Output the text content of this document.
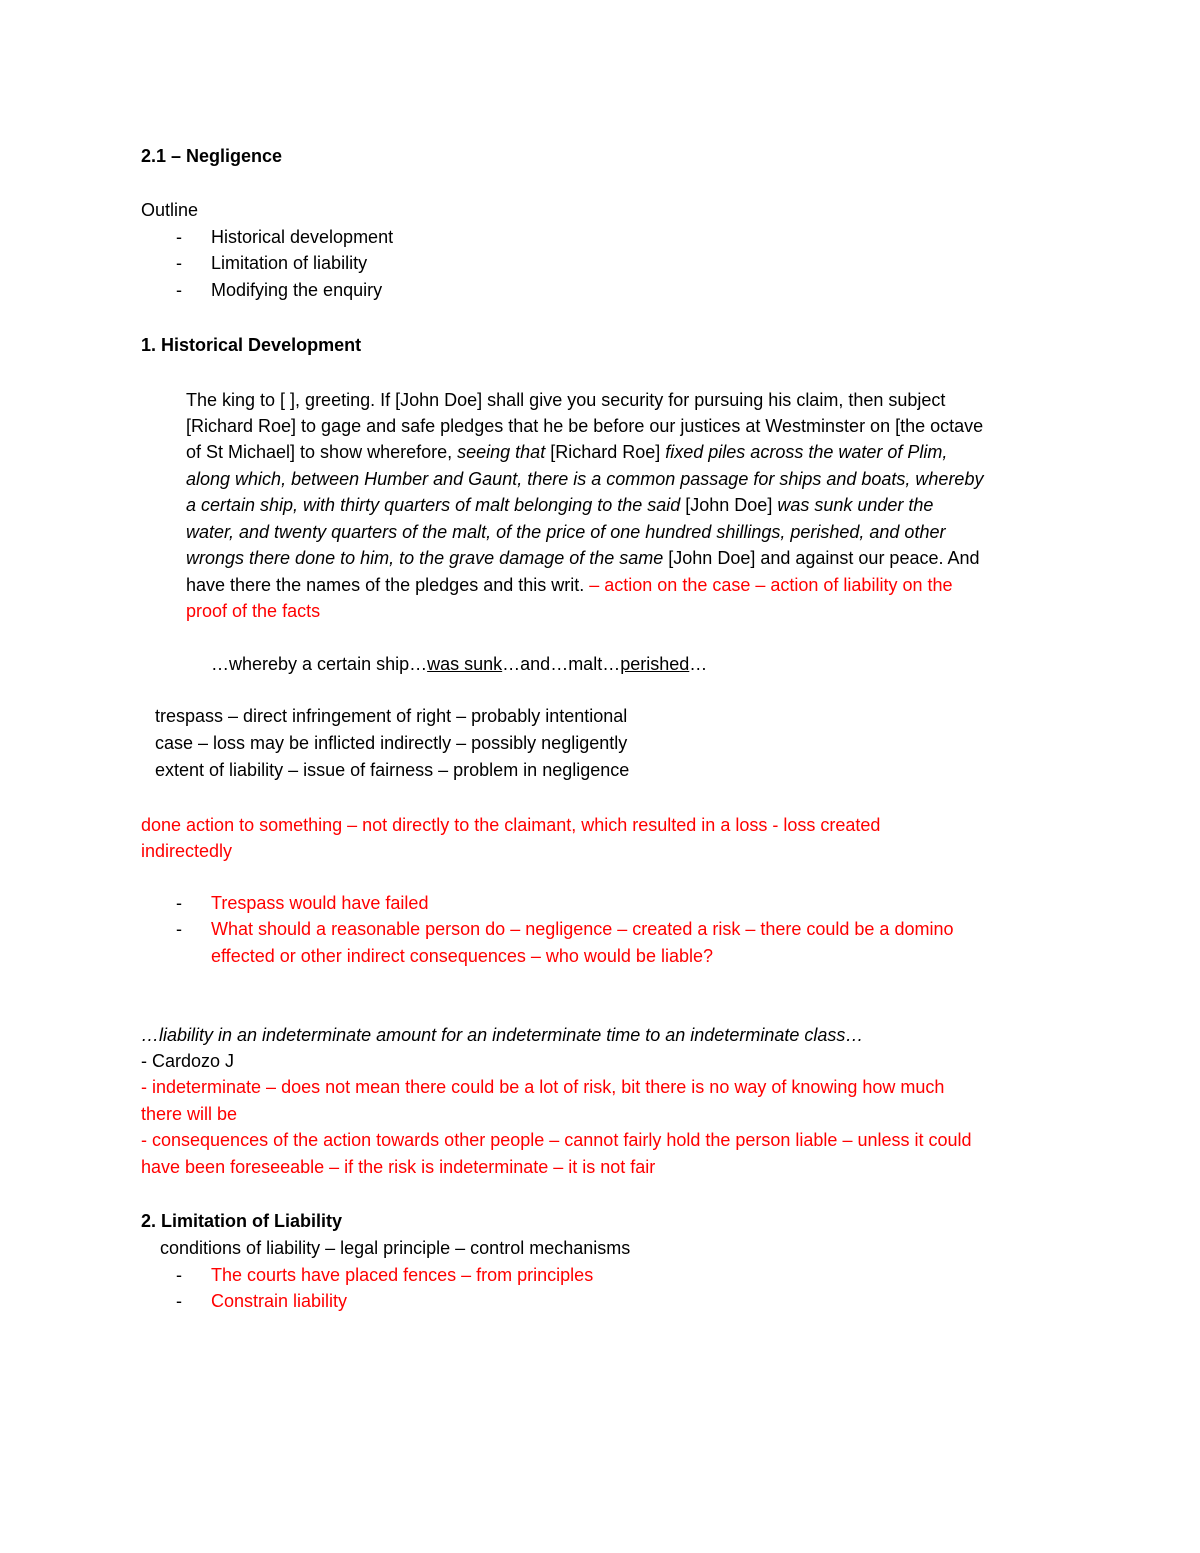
2.1 – Negligence
Outline
- Historical development
- Limitation of liability
- Modifying the enquiry
1. Historical Development
The king to [ ], greeting. If [John Doe] shall give you security for pursuing his claim, then subject
[Richard Roe] to gage and safe pledges that he be before our justices at Westminster on [the octave
of St Michael] to show wherefore, seeing that [Richard Roe] fixed piles across the water of Plim,
along which, between Humber and Gaunt, there is a common passage for ships and boats, whereby
a certain ship, with thirty quarters of malt belonging to the said [John Doe] was sunk under the
water, and twenty quarters of the malt, of the price of one hundred shillings, perished, and other
wrongs there done to him, to the grave damage of the same [John Doe] and against our peace. And
have there the names of the pledges and this writ. – action on the case – action of liability on the
proof of the facts
…whereby a certain ship…was sunk…and…malt…perished…
trespass – direct infringement of right – probably intentional
case – loss may be inflicted indirectly – possibly negligently
extent of liability – issue of fairness – problem in negligence
done action to something – not directly to the claimant, which resulted in a loss - loss created
indirectedly
- Trespass would have failed
- What should a reasonable person do – negligence – created a risk – there could be a domino
effected or other indirect consequences – who would be liable?
…liability in an indeterminate amount for an indeterminate time to an indeterminate class…
- Cardozo J
- indeterminate – does not mean there could be a lot of risk, bit there is no way of knowing how much
there will be
- consequences of the action towards other people – cannot fairly hold the person liable – unless it could
have been foreseeable – if the risk is indeterminate – it is not fair
2. Limitation of Liability
conditions of liability – legal principle – control mechanisms
- The courts have placed fences – from principles
- Constrain liability
